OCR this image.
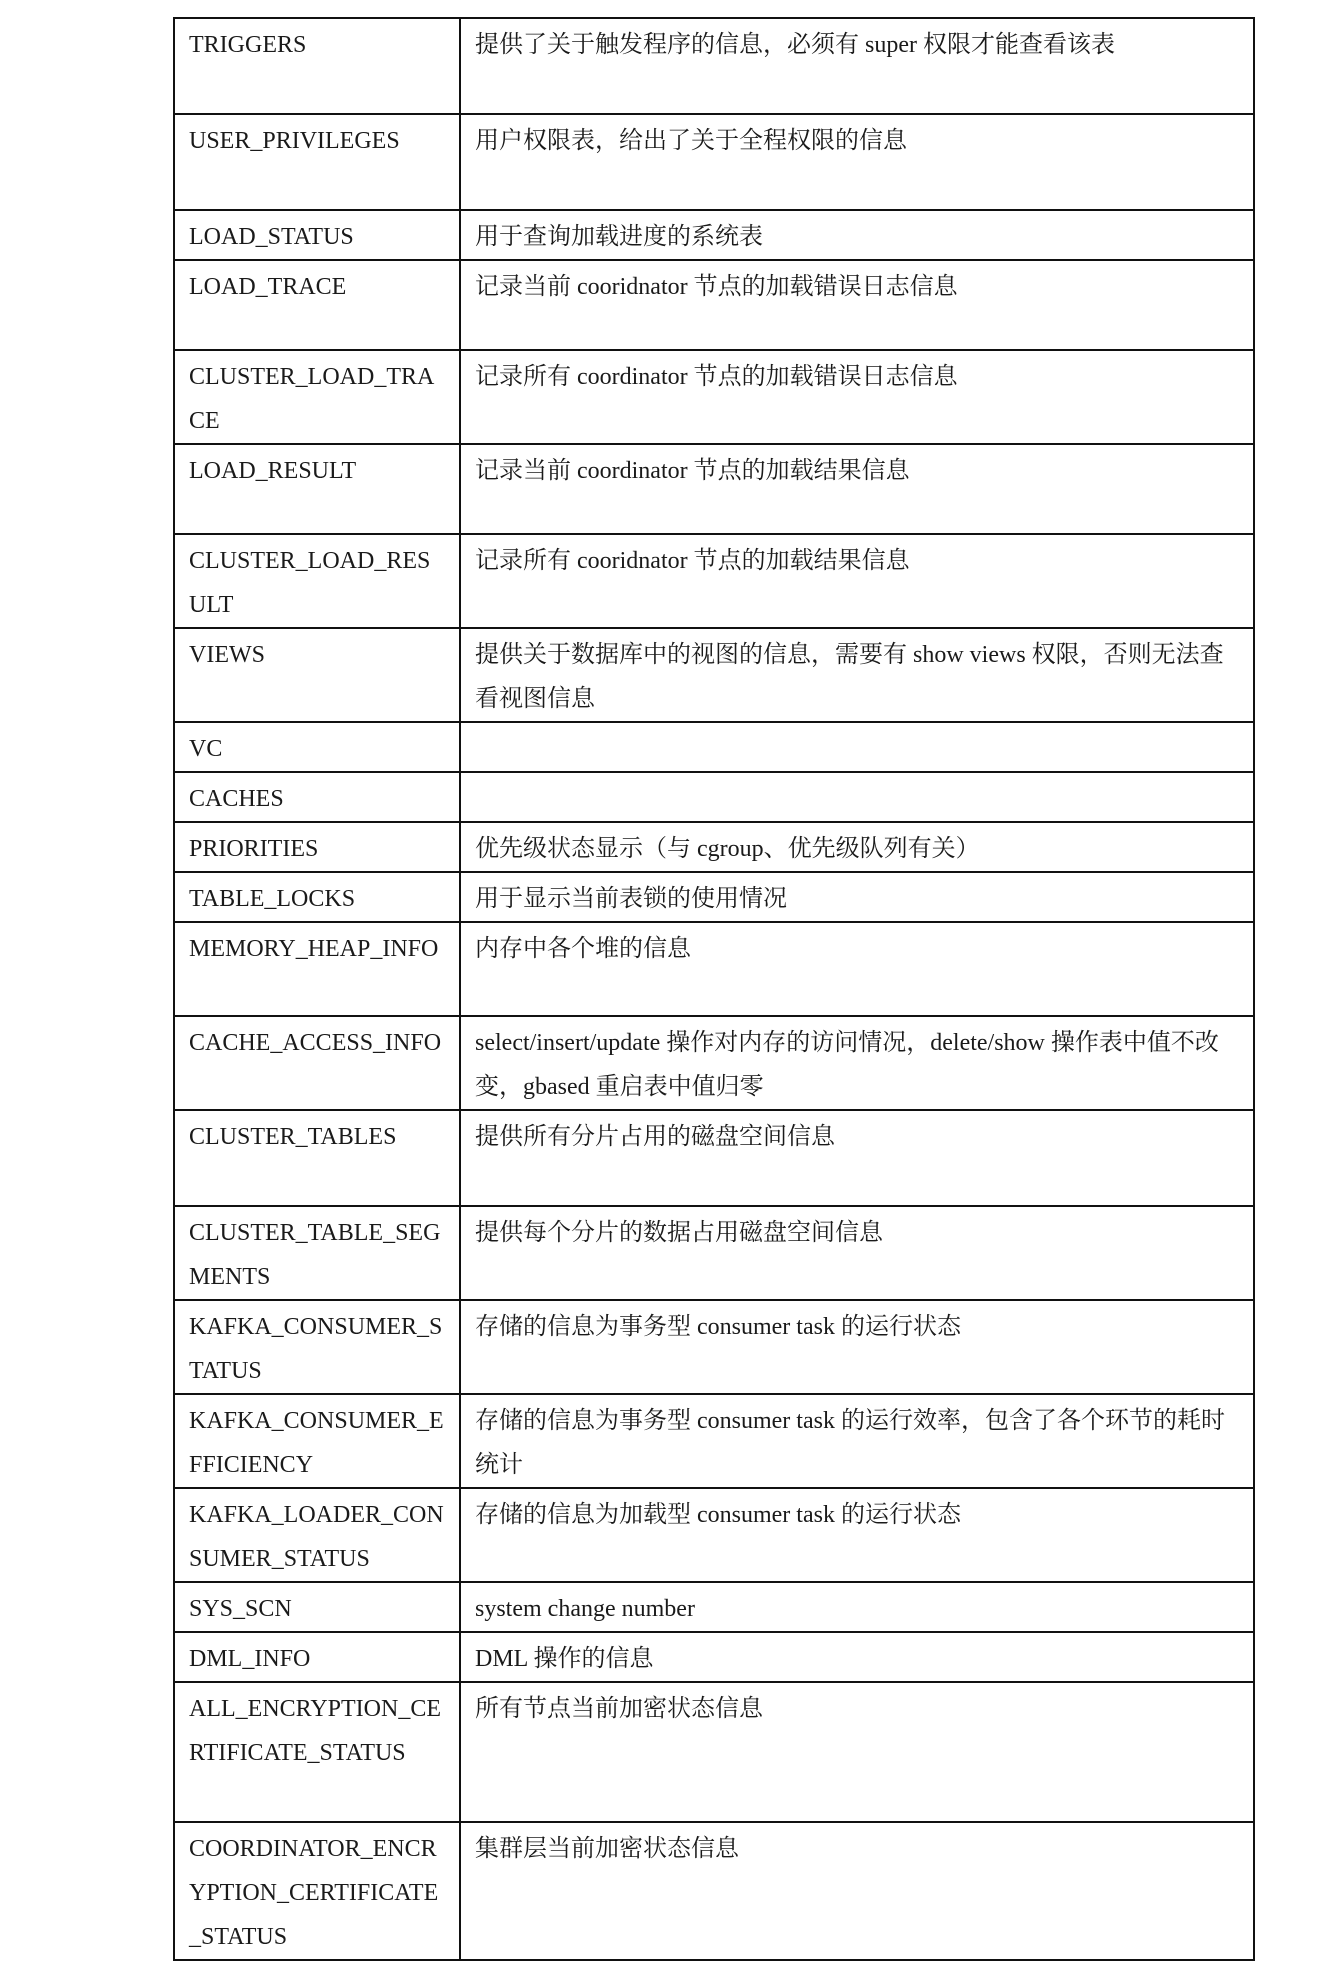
TRIGGERS	提供了关于触发程序的信息，必须有 super 权限才能查看该表

USER_PRIVILEGES	用户权限表，给出了关于全程权限的信息

LOAD_STATUS	用于查询加载进度的系统表

LOAD_TRACE	记录当前 cooridnator 节点的加载错误日志信息

CLUSTER_LOAD_TRACE	记录所有 coordinator 节点的加载错误日志信息

LOAD_RESULT	记录当前 coordinator 节点的加载结果信息

CLUSTER_LOAD_RESULT	记录所有 cooridnator 节点的加载结果信息

VIEWS	提供关于数据库中的视图的信息，需要有 show views 权限，否则无法查看视图信息

VC	

CACHES	

PRIORITIES	优先级状态显示（与 cgroup、优先级队列有关）

TABLE_LOCKS	用于显示当前表锁的使用情况

MEMORY_HEAP_INFO	内存中各个堆的信息

CACHE_ACCESS_INFO	select/insert/update 操作对内存的访问情况，delete/show 操作表中值不改变，gbased 重启表中值归零

CLUSTER_TABLES	提供所有分片占用的磁盘空间信息

CLUSTER_TABLE_SEGMENTS	提供每个分片的数据占用磁盘空间信息

KAFKA_CONSUMER_STATUS	存储的信息为事务型 consumer task 的运行状态

KAFKA_CONSUMER_EFFICIENCY	存储的信息为事务型 consumer task 的运行效率，包含了各个环节的耗时统计

KAFKA_LOADER_CONSUMER_STATUS	存储的信息为加载型 consumer task 的运行状态

SYS_SCN	system change number

DML_INFO	DML 操作的信息

ALL_ENCRYPTION_CERTIFICATE_STATUS	所有节点当前加密状态信息

COORDINATOR_ENCRYPTION_CERTIFICATE_STATUS	集群层当前加密状态信息
